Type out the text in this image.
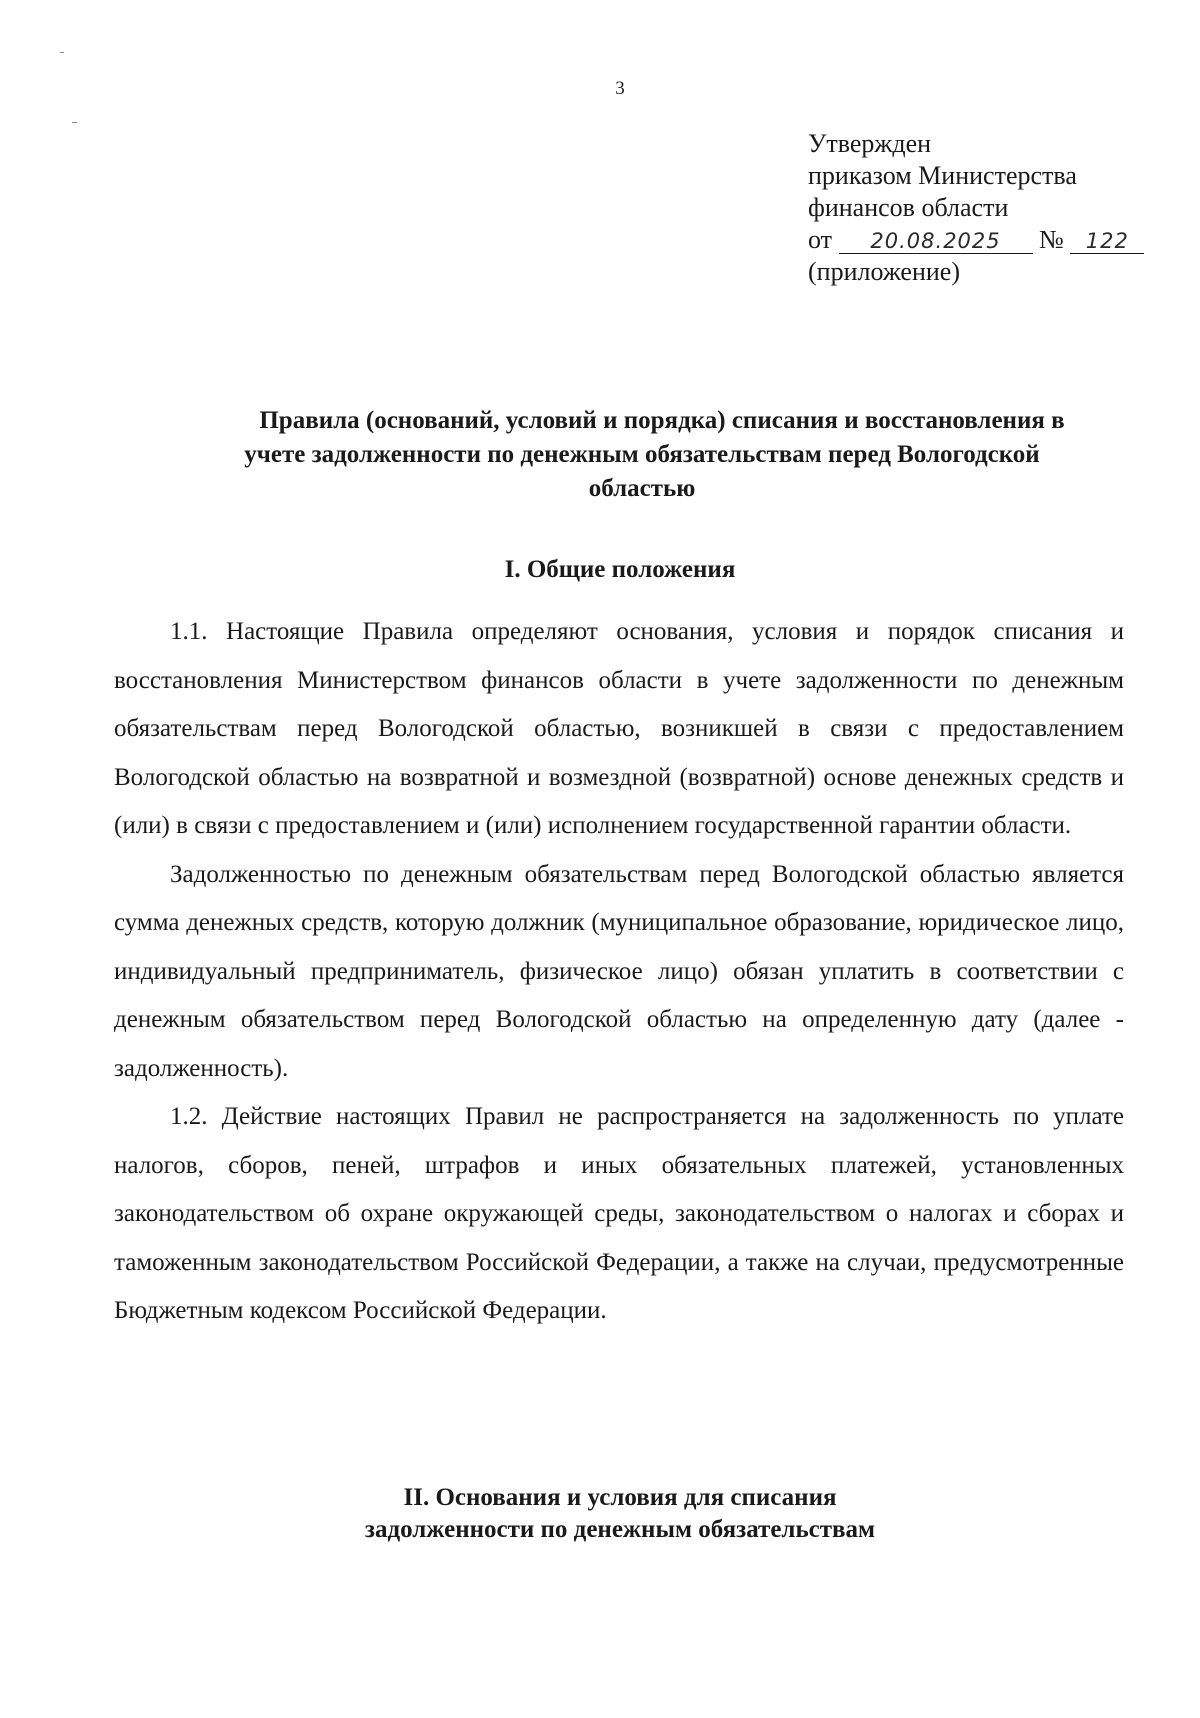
3
Утвержден
приказом Министерства
финансов области
от 20.08.2025 № 122
(приложение)
Правила (оснований, условий и порядка) списания и восстановления в
учете задолженности по денежным обязательствам перед Вологодской
областью
I. Общие положения

1.1. Настоящие Правила определяют основания, условия и порядок списания и восстановления Министерством финансов области в учете задолженности по денежным обязательствам перед Вологодской областью, возникшей в связи с предоставлением Вологодской областью на возвратной и возмездной (возвратной) основе денежных средств и (или) в связи с предоставлением и (или) исполнением государственной гарантии области.

Задолженностью по денежным обязательствам перед Вологодской областью является сумма денежных средств, которую должник (муниципальное образование, юридическое лицо, индивидуальный предприниматель, физическое лицо) обязан уплатить в соответствии с денежным обязательством перед Вологодской областью на определенную дату (далее - задолженность).

1.2. Действие настоящих Правил не распространяется на задолженность по уплате налогов, сборов, пеней, штрафов и иных обязательных платежей, установленных законодательством об охране окружающей среды, законодательством о налогах и сборах и таможенным законодательством Российской Федерации, а также на случаи, предусмотренные Бюджетным кодексом Российской Федерации.

II. Основания и условия для списания
задолженности по денежным обязательствам
